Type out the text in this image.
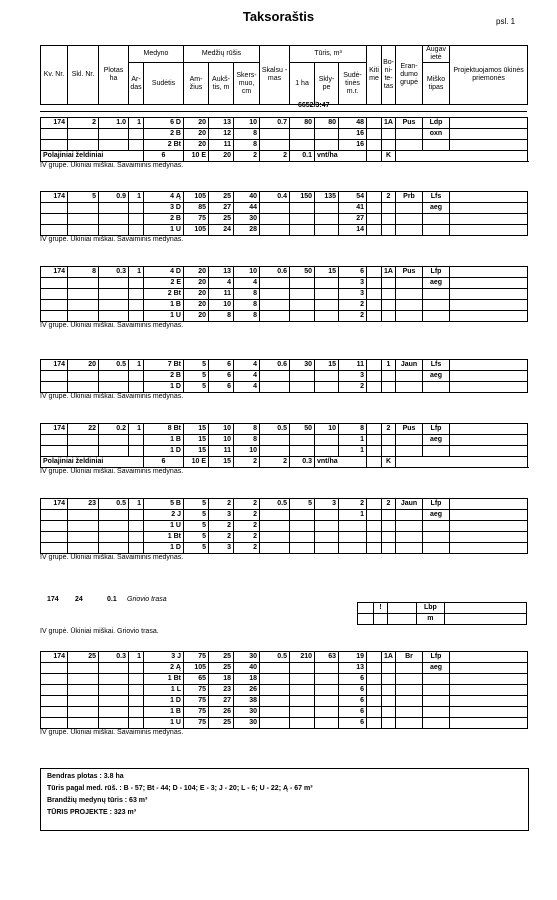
Taksoraštis	psl. 1
Kv. Nr.	Skl. Nr.	Plotas ha	Medyno		Medžių rūšis			Skalsu - mas	Tūris, m³			Kiti me	Bo- ni- te- tas	Eran- dumo grupė	Augav ietė	Projektuojamos ūkinės priemonės
			Ar- das	Sudėtis	Am- žius	Aukš- tis, m	Skers- muo, cm		1 ha	Skly- pe	Sudė- tinės m.r.				Miško tipas	
6652/3:47
174	2	1.0	1	6 D	20	13	10	0.7	80	80	48		1A	Pus	Ldp	
				2 B	20	12	8				16				oxn	
				2 Bt	20	11	8				16					
Polajiniai želdiniai				6	10 E	20	2	2	0.1	vnt/ha			K			
IV grupė. Ūkiniai miškai. Savaiminis medynas.
174	5	0.9	1	4 Ą	105	25	40	0.4	150	135	54		2	Prb	Lfs	
				3 D	85	27	44				41				aeg	
				2 B	75	25	30				27					
				1 U	105	24	28				14					
IV grupė. Ūkiniai miškai. Savaiminis medynas.
174	8	0.3	1	4 D	20	13	10	0.6	50	15	6		1A	Pus	Lfp	
				2 E	20	4	4				3				aeg	
				2 Bt	20	11	8				3					
				1 B	20	10	8				2					
				1 U	20	8	8				2					
IV grupė. Ūkiniai miškai. Savaiminis medynas.
174	20	0.5	1	7 Bt	5	6	4	0.6	30	15	11		1	Jaun	Lfs	
				2 B	5	6	4				3				aeg	
				1 D	5	6	4				2					
IV grupė. Ūkiniai miškai. Savaiminis medynas.
174	22	0.2	1	8 Bt	15	10	8	0.5	50	10	8		2	Pus	Lfp	
				1 B	15	10	8				1				aeg	
				1 D	15	11	10				1					
Polajiniai želdiniai				6	10 E	15	2	2	0.3	vnt/ha			K			
IV grupė. Ūkiniai miškai. Savaiminis medynas.
174	23	0.5	1	5 B	5	2	2	0.5	5	3	2		2	Jaun	Lfp	
				2 J	5	3	2				1				aeg	
				1 U	5	2	2									
				1 Bt	5	2	2									
				1 D	5	3	2									
IV grupė. Ūkiniai miškai. Savaiminis medynas.
174 24	0.1 Griovio trasa
	!		Lbp	
			m	
IV grupė. Ūkiniai miškai. Griovio trasa.
174	25	0.3	1	3 J	75	25	30	0.5	210	63	19		1A	Br	Lfp	
				2 Ą	105	25	40				13				aeg	
				1 Bt	65	18	18				6					
				1 L	75	23	26				6					
				1 D	75	27	38				6					
				1 B	75	26	30				6					
				1 U	75	25	30				6					
IV grupė. Ūkiniai miškai. Savaiminis medynas.
Bendras plotas : 3.8 ha
Tūris pagal med. rūš. : B - 57; Bt - 44; D - 104; E - 3; J - 20; L - 6; U - 22; Ą - 67 m³
Brandžių medynų tūris : 63 m³
TŪRIS PROJEKTE : 323 m³
